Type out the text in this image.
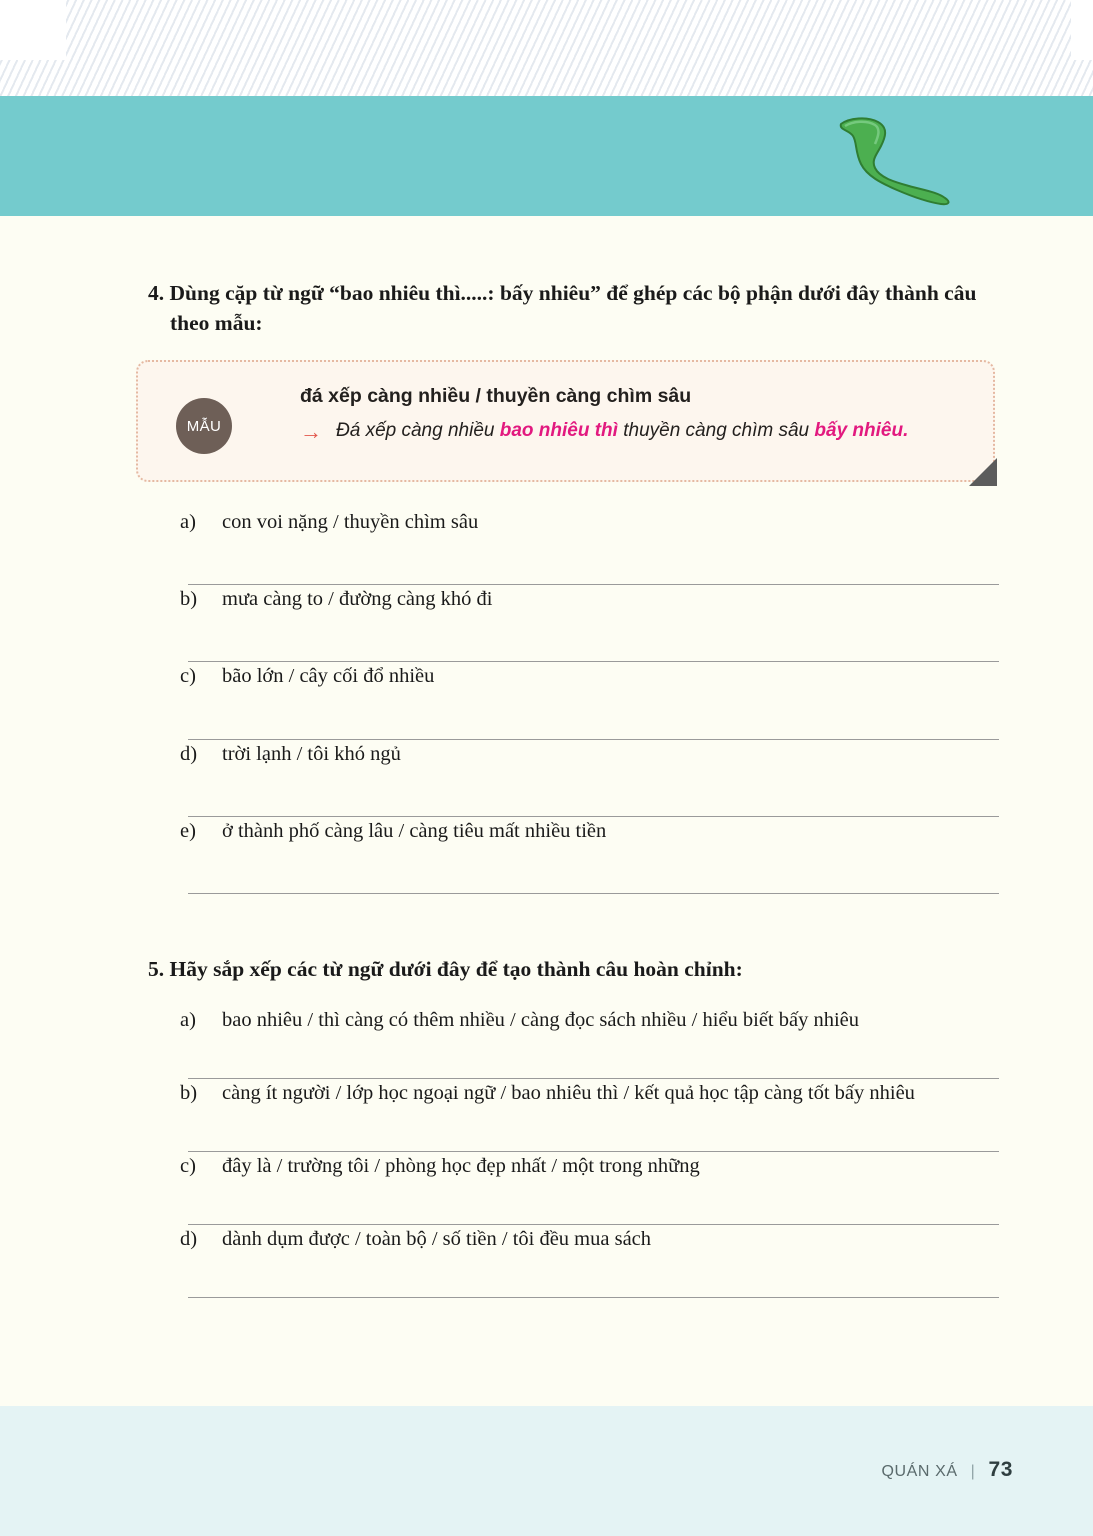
4. Dùng cặp từ ngữ “bao nhiêu thì.....: bấy nhiêu” để ghép các bộ phận dưới đây thành câu theo mẫu:
MẪU
đá xếp càng nhiều / thuyền càng chìm sâu
→ Đá xếp càng nhiều bao nhiêu thì thuyền càng chìm sâu bấy nhiêu.
a) con voi nặng / thuyền chìm sâu
b) mưa càng to / đường càng khó đi
c) bão lớn / cây cối đổ nhiều
d) trời lạnh / tôi khó ngủ
e) ở thành phố càng lâu / càng tiêu mất nhiều tiền
5. Hãy sắp xếp các từ ngữ dưới đây để tạo thành câu hoàn chỉnh:
a) bao nhiêu / thì càng có thêm nhiều / càng đọc sách nhiều / hiểu biết bấy nhiêu
b) càng ít người / lớp học ngoại ngữ / bao nhiêu thì / kết quả học tập càng tốt bấy nhiêu
c) đây là / trường tôi / phòng học đẹp nhất / một trong những
d) dành dụm được / toàn bộ / số tiền / tôi đều mua sách
QUÁN XÁ | 73
